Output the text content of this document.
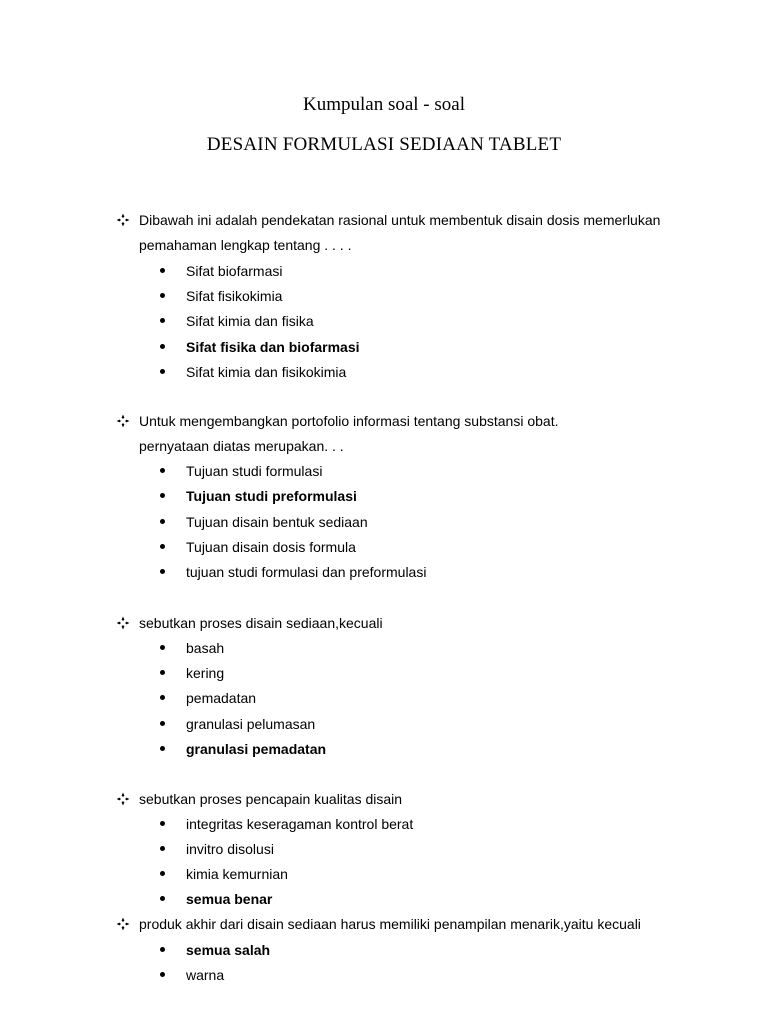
Kumpulan soal - soal
DESAIN FORMULASI SEDIAAN TABLET
Dibawah ini adalah pendekatan rasional untuk membentuk disain dosis memerlukan
pemahaman lengkap tentang . . . .
Sifat biofarmasi
Sifat fisikokimia
Sifat kimia dan fisika
Sifat fisika dan biofarmasi
Sifat kimia dan fisikokimia
Untuk mengembangkan portofolio informasi tentang substansi obat.
pernyataan diatas merupakan. . .
Tujuan studi formulasi
Tujuan studi preformulasi
Tujuan disain bentuk sediaan
Tujuan disain dosis formula
tujuan studi formulasi dan preformulasi
sebutkan proses disain sediaan,kecuali
basah
kering
pemadatan
granulasi pelumasan
granulasi pemadatan
sebutkan proses pencapain kualitas disain
integritas keseragaman kontrol berat
invitro disolusi
kimia kemurnian
semua benar
produk akhir dari disain sediaan harus memiliki penampilan menarik,yaitu kecuali
semua salah
warna
